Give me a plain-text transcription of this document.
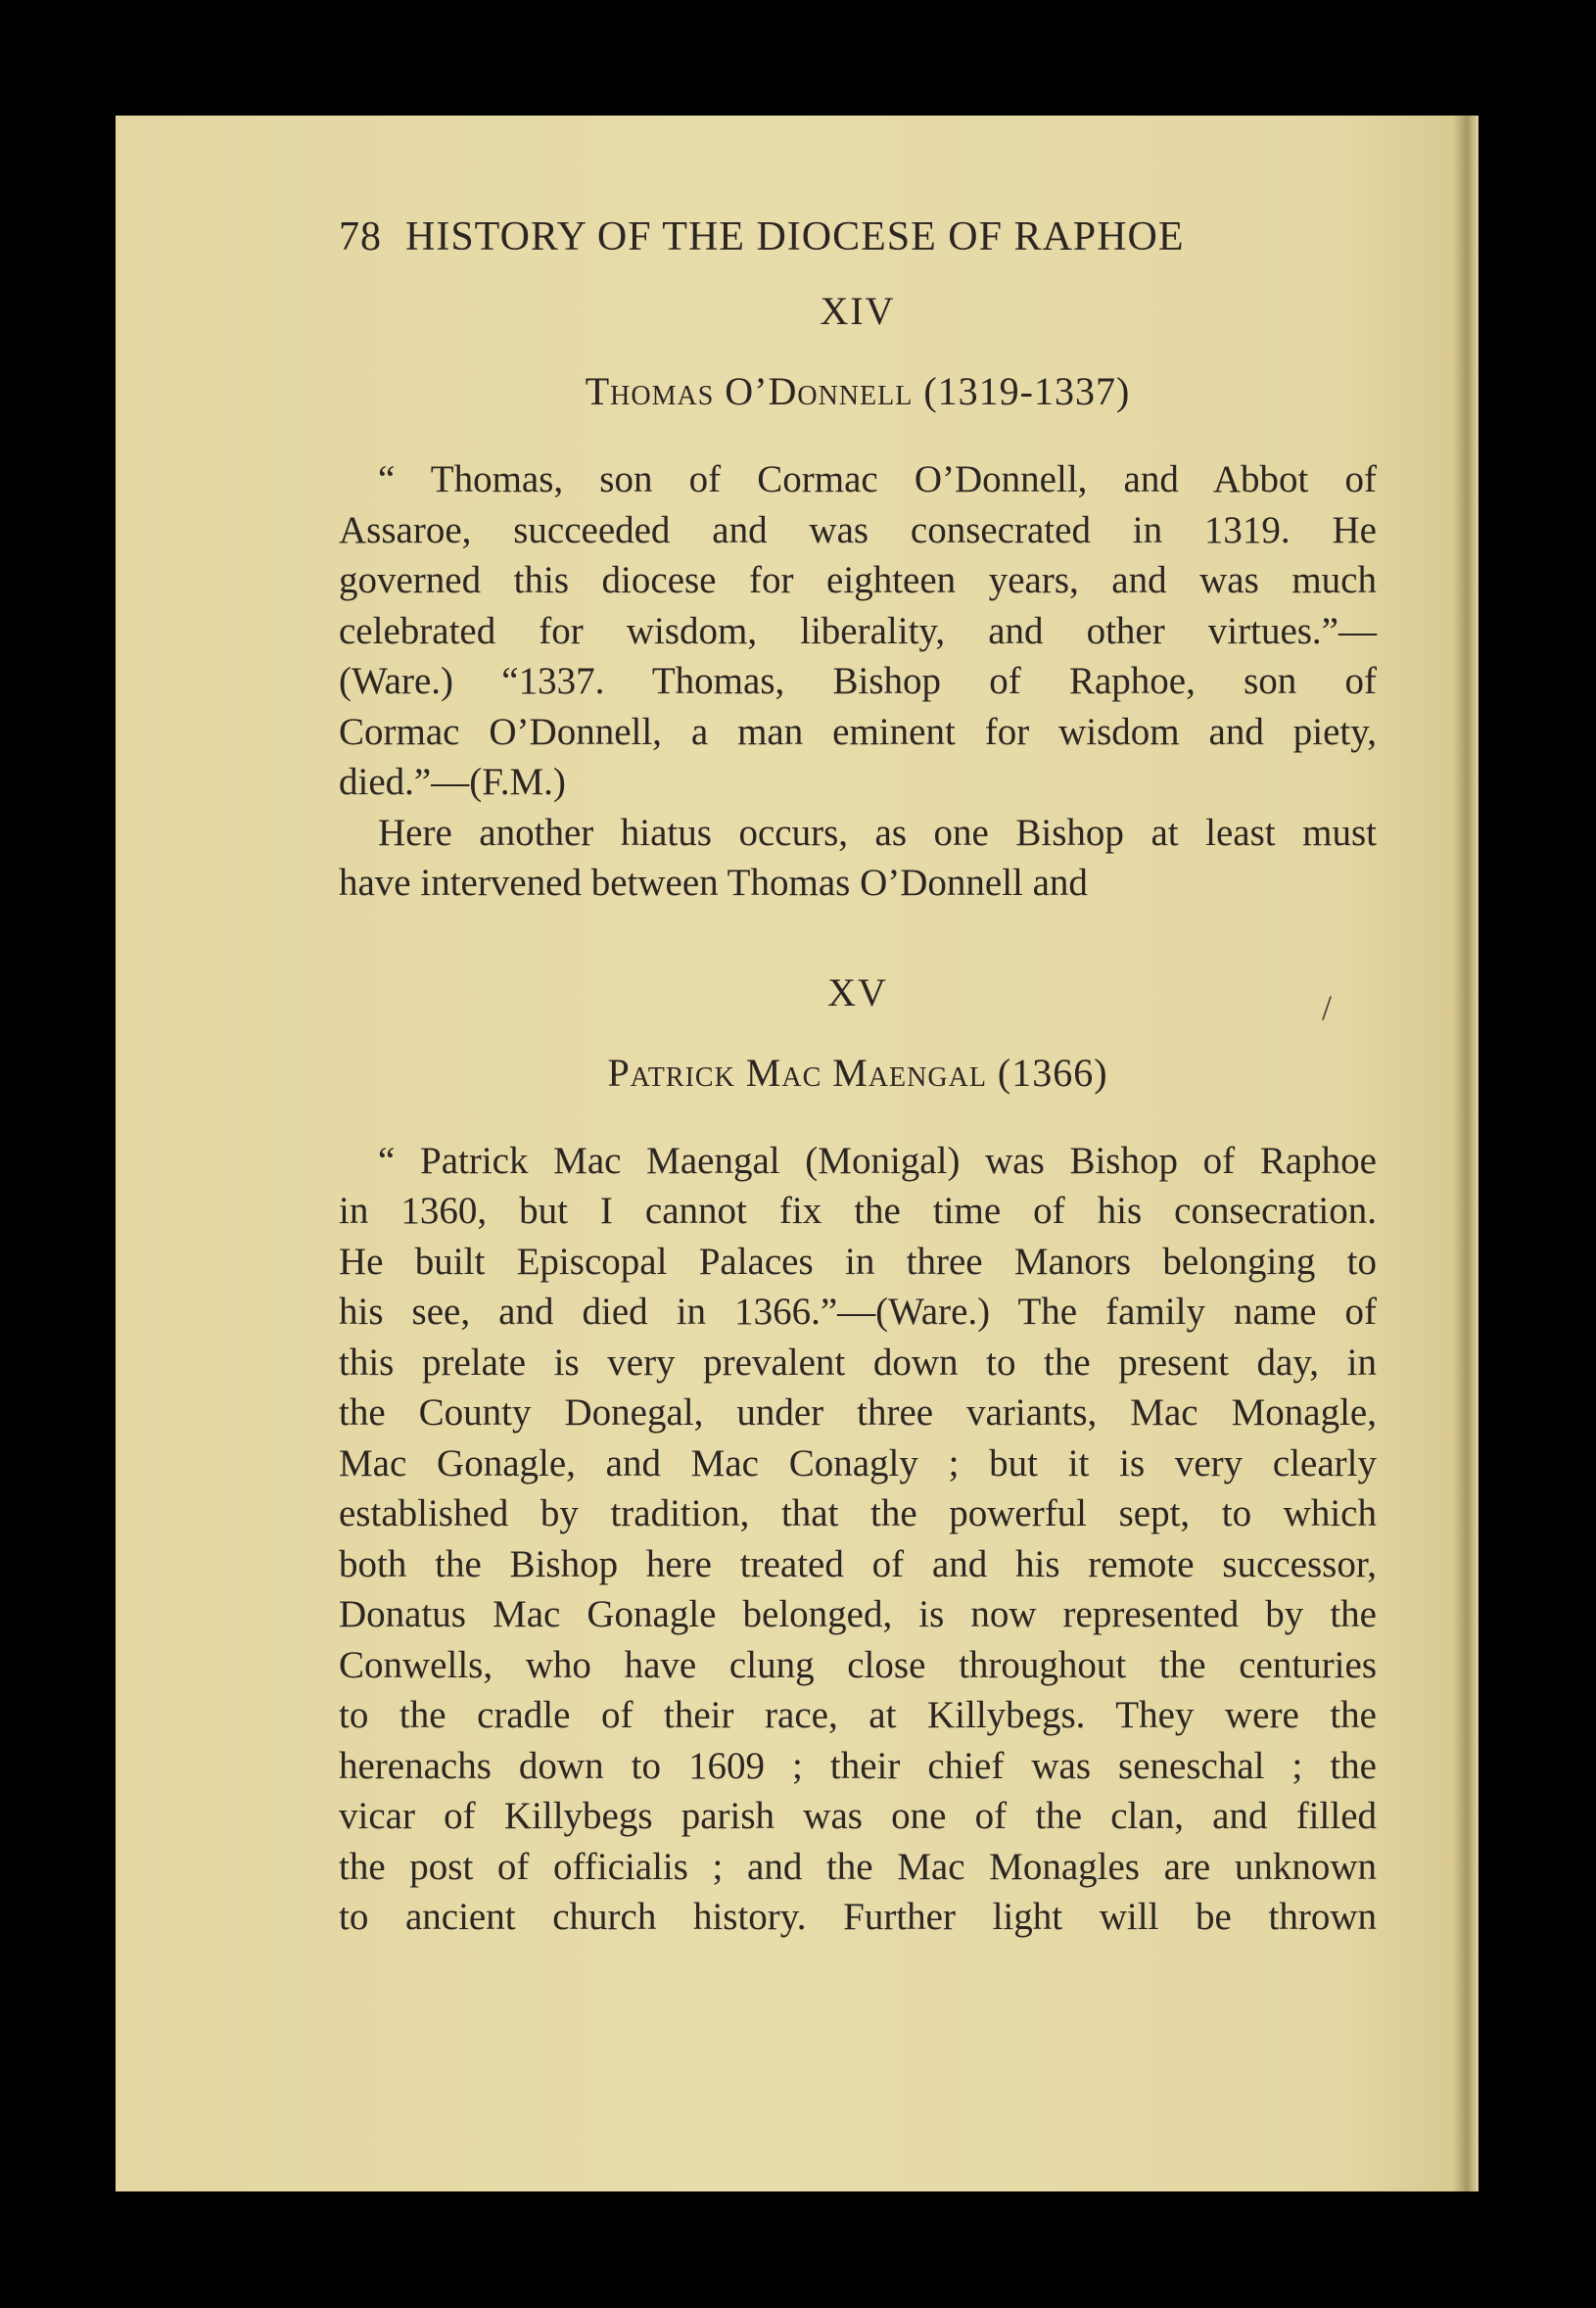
/
78 HISTORY OF THE DIOCESE OF RAPHOE
XIV
Thomas O’Donnell (1319-1337)
“ Thomas, son of Cormac O’Donnell, and Abbot of
Assaroe, succeeded and was consecrated in 1319. He
governed this diocese for eighteen years, and was much
celebrated for wisdom, liberality, and other virtues.”—
(Ware.) “1337. Thomas, Bishop of Raphoe, son of
Cormac O’Donnell, a man eminent for wisdom and piety,
died.”—(F.M.)
Here another hiatus occurs, as one Bishop at least must
have intervened between Thomas O’Donnell and
XV
Patrick Mac Maengal (1366)
“ Patrick Mac Maengal (Monigal) was Bishop of Raphoe
in 1360, but I cannot fix the time of his consecration.
He built Episcopal Palaces in three Manors belonging to
his see, and died in 1366.”—(Ware.) The family name of
this prelate is very prevalent down to the present day, in
the County Donegal, under three variants, Mac Monagle,
Mac Gonagle, and Mac Conagly ; but it is very clearly
established by tradition, that the powerful sept, to which
both the Bishop here treated of and his remote successor,
Donatus Mac Gonagle belonged, is now represented by the
Conwells, who have clung close throughout the centuries
to the cradle of their race, at Killybegs. They were the
herenachs down to 1609 ; their chief was seneschal ; the
vicar of Killybegs parish was one of the clan, and filled
the post of officialis ; and the Mac Monagles are unknown
to ancient church history. Further light will be thrown
